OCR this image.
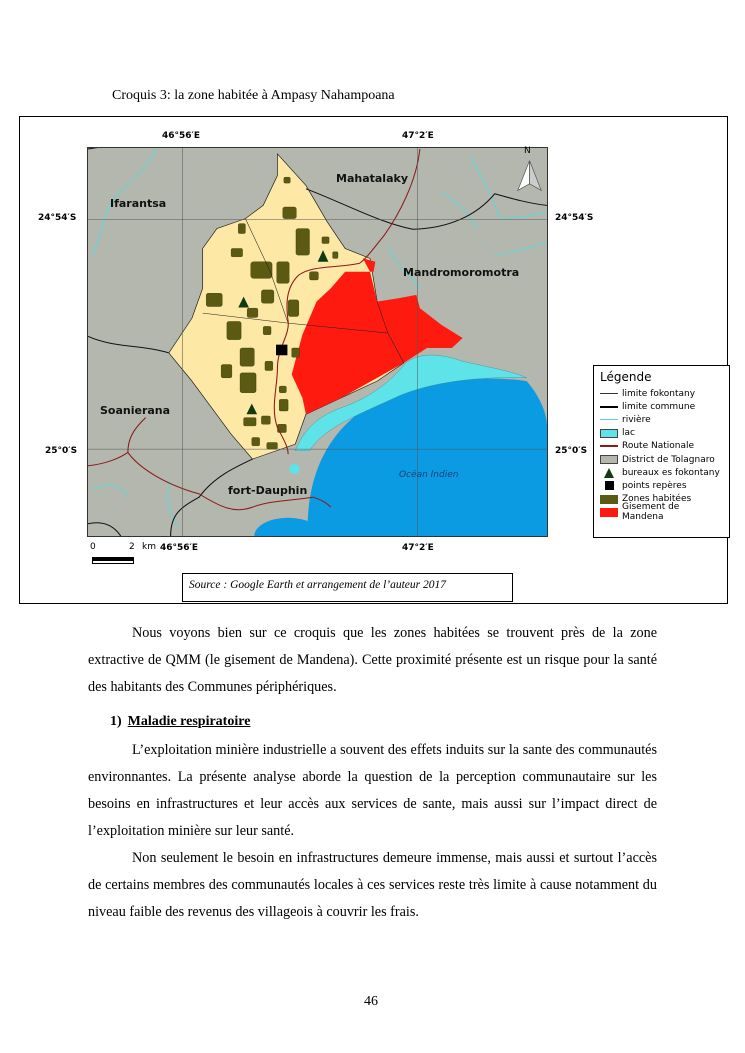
Croquis 3: la zone habitée à Ampasy Nahampoana
46°56′E	47°2′E
46°56′E	47°2′E
24°54′S
25°0′S
24°54′S
25°0′S
N
Ifarantsa
Mahatalaky
Mandromoromotra
Soanierana
fort-Dauphin
Océan Indien
0	2 km
Légende
limite fokontany
limite commune
rivière
lac
Route Nationale
District de Tolagnaro
bureaux es fokontany
points repères
Zones habitées
Gisement de Mandena
Source : Google Earth et arrangement de l’auteur 2017

Nous voyons bien sur ce croquis que les zones habitées se trouvent près de la zone extractive de QMM (le gisement de Mandena). Cette proximité présente est un risque pour la santé des habitants des Communes périphériques.

1) Maladie respiratoire

L’exploitation minière industrielle a souvent des effets induits sur la sante des communautés environnantes. La présente analyse aborde la question de la perception communautaire sur les besoins en infrastructures et leur accès aux services de sante, mais aussi sur l’impact direct de l’exploitation minière sur leur santé.

Non seulement le besoin en infrastructures demeure immense, mais aussi et surtout l’accès de certains membres des communautés locales à ces services reste très limite à cause notamment du niveau faible des revenus des villageois à couvrir les frais.

46
